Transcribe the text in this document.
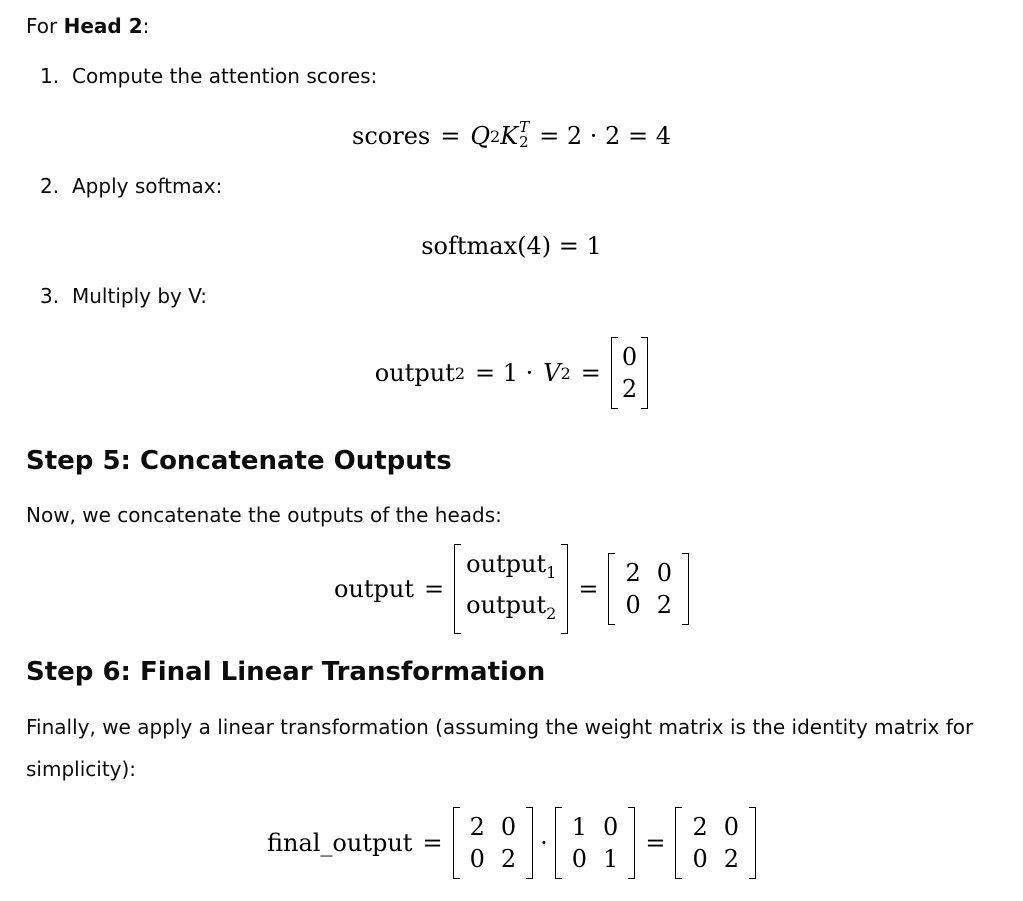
For Head 2:

1. Compute the attention scores:

scores = Q 2 K T
2 = 2 · 2 = 4

2. Apply softmax:

softmax(4) = 1

3. Multiply by V:

output 2 = 1 · V 2 =
0
2
Step 5: Concatenate Outputs

Now, we concatenate the outputs of the heads:

output =
output$_1$
output$_2$
=
2	0
0	2
Step 6: Final Linear Transformation

Finally, we apply a linear transformation (assuming the weight matrix is the identity matrix for simplicity):

final_output =
2	0
0	2
·
1	0
0	1
=
2	0
0	2
